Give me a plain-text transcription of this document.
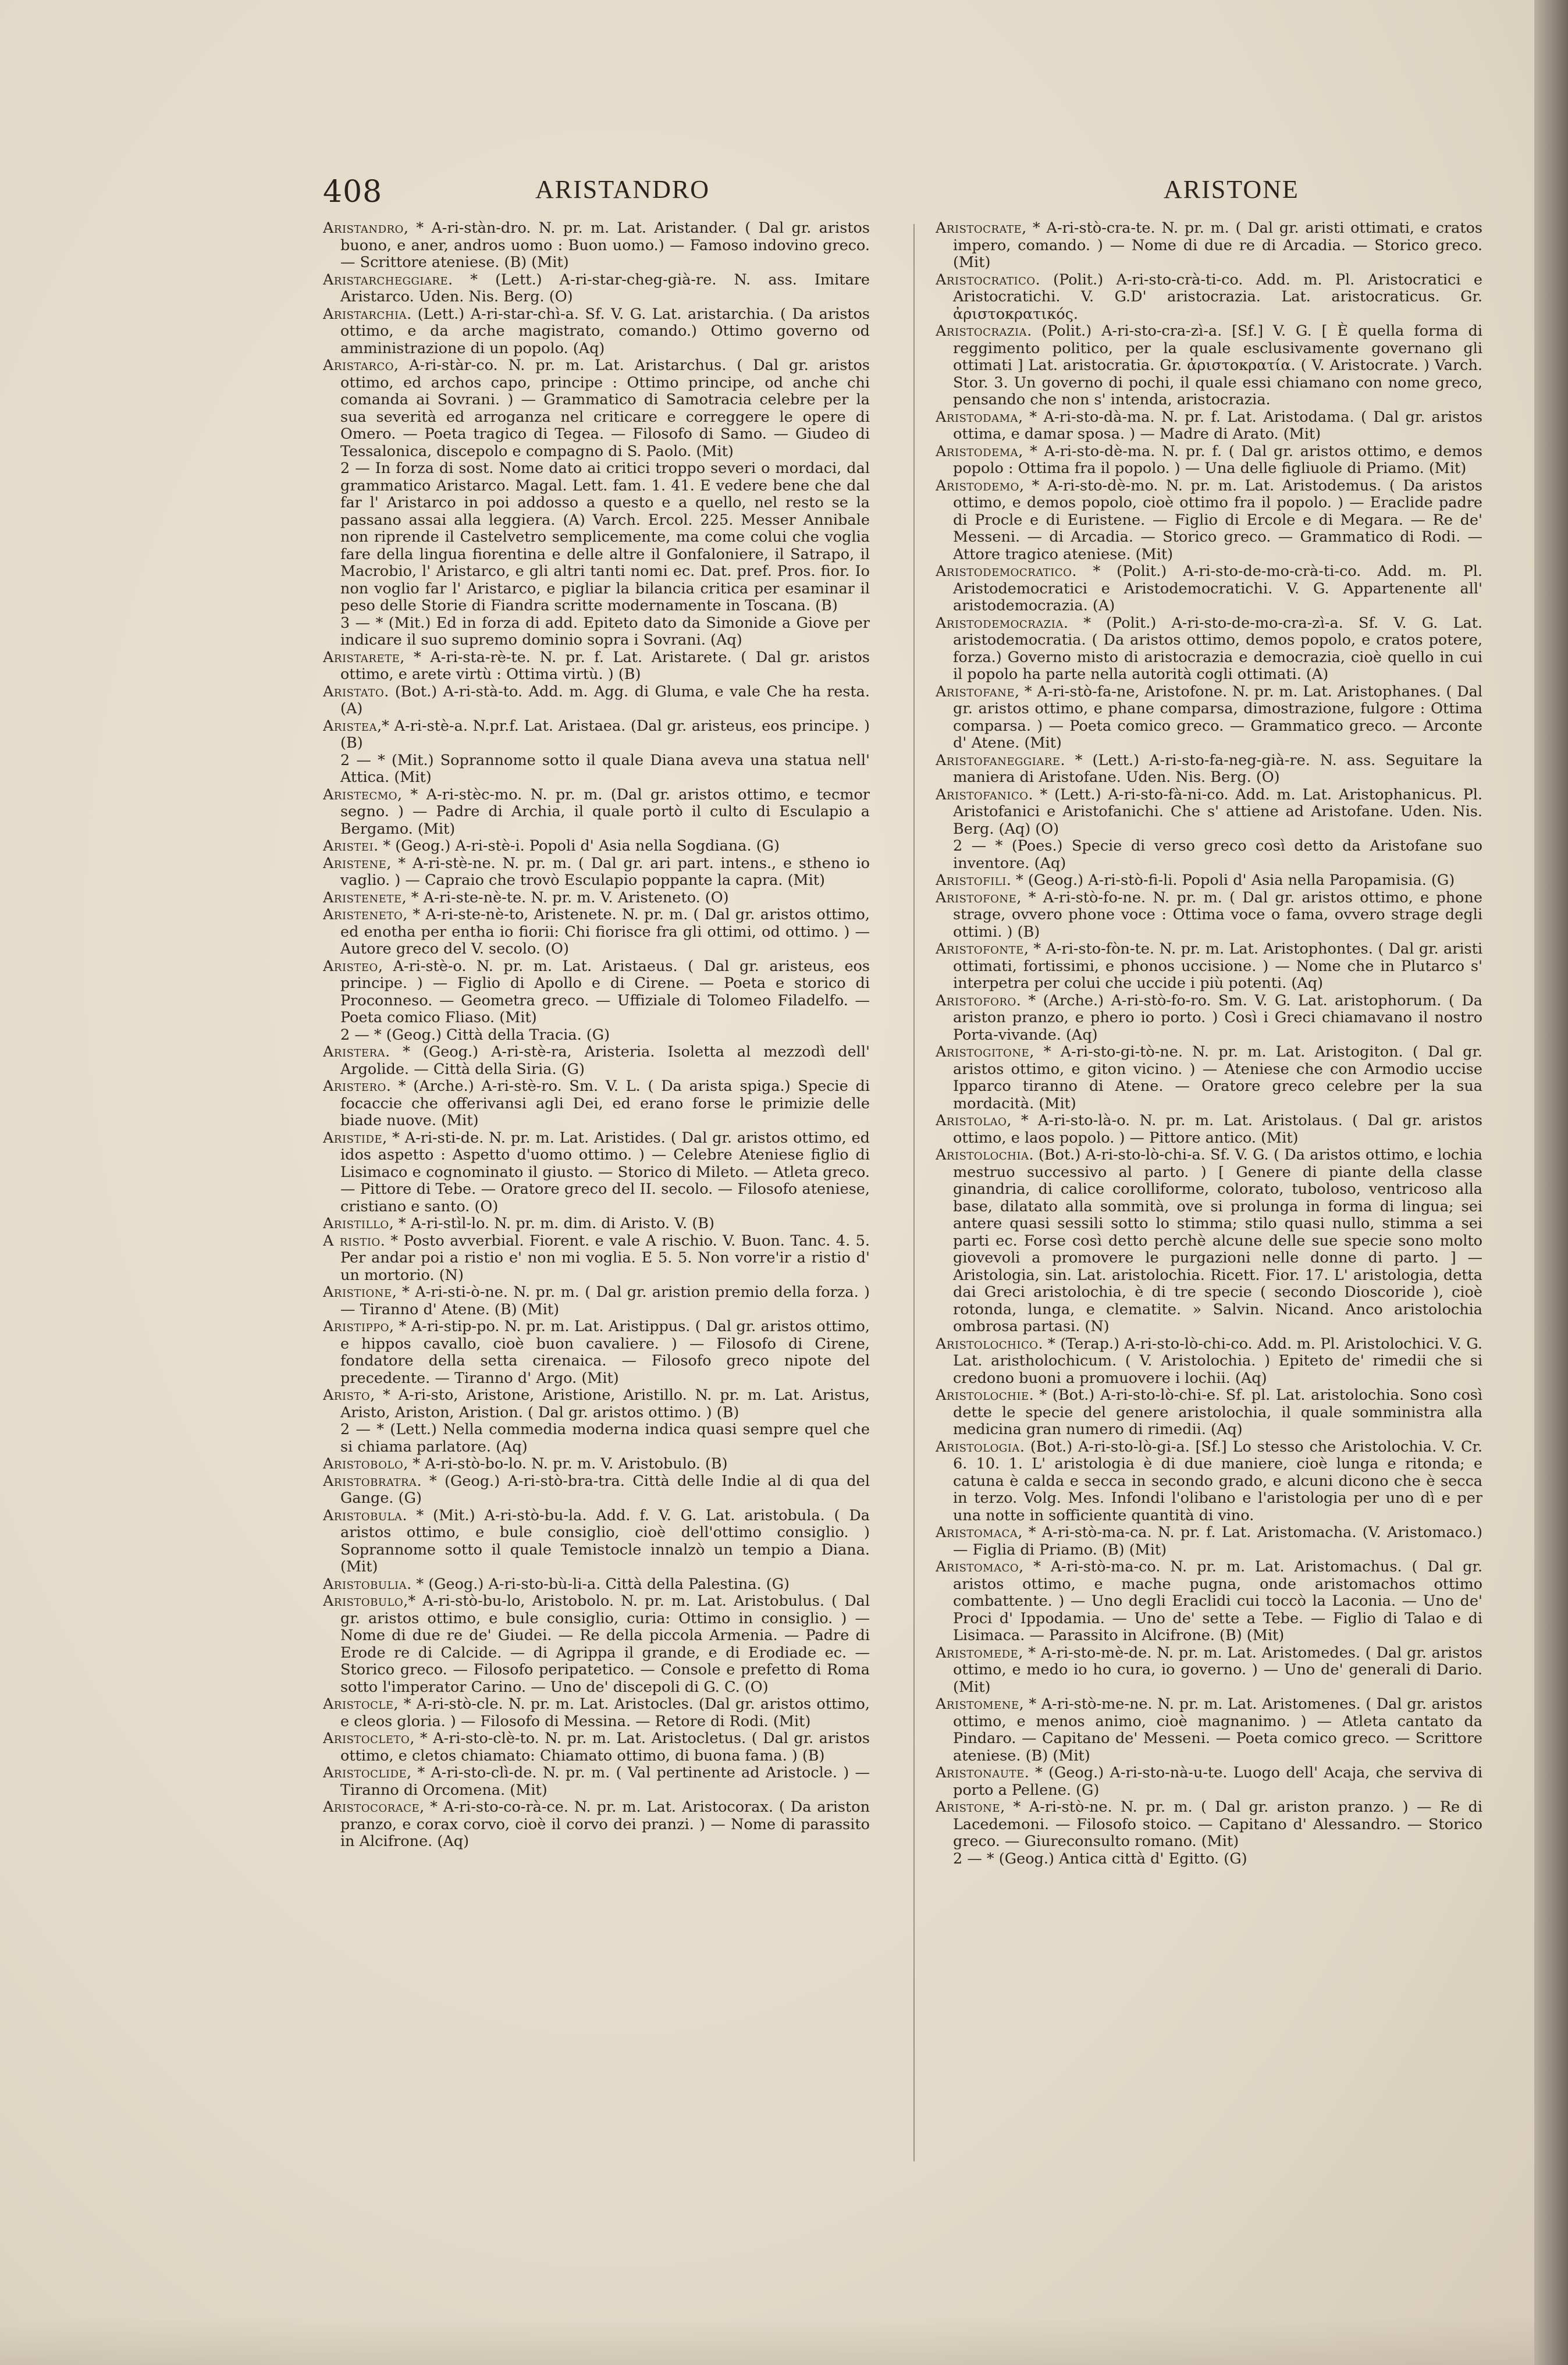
408	ARISTANDRO	ARISTONE

Aristandro, * A-ri-stàn-dro. N. pr. m. Lat. Aristander. ( Dal gr. aristos buono, e aner, andros uomo : Buon uomo.) — Famoso indovino greco. — Scrittore ateniese. (B) (Mit)

Aristarcheggiare. * (Lett.) A-ri-star-cheg-già-re. N. ass. Imitare Aristarco. Uden. Nis. Berg. (O)

Aristarchia. (Lett.) A-ri-star-chì-a. Sf. V. G. Lat. aristarchia. ( Da aristos ottimo, e da arche magistrato, comando.) Ottimo governo od amministrazione di un popolo. (Aq)

Aristarco, A-ri-stàr-co. N. pr. m. Lat. Aristarchus. ( Dal gr. aristos ottimo, ed archos capo, principe : Ottimo principe, od anche chi comanda ai Sovrani. ) — Grammatico di Samotracia celebre per la sua severità ed arroganza nel criticare e correggere le opere di Omero. — Poeta tragico di Tegea. — Filosofo di Samo. — Giudeo di Tessalonica, discepolo e compagno di S. Paolo. (Mit)

2 — In forza di sost. Nome dato ai critici troppo severi o mordaci, dal grammatico Aristarco. Magal. Lett. fam. 1. 41. E vedere bene che dal far l' Aristarco in poi addosso a questo e a quello, nel resto se la passano assai alla leggiera. (A) Varch. Ercol. 225. Messer Annibale non riprende il Castelvetro semplicemente, ma come colui che voglia fare della lingua fiorentina e delle altre il Gonfaloniere, il Satrapo, il Macrobio, l' Aristarco, e gli altri tanti nomi ec. Dat. pref. Pros. fior. Io non voglio far l' Aristarco, e pigliar la bilancia critica per esaminar il peso delle Storie di Fiandra scritte modernamente in Toscana. (B)

3 — * (Mit.) Ed in forza di add. Epiteto dato da Simonide a Giove per indicare il suo supremo dominio sopra i Sovrani. (Aq)

Aristarete, * A-ri-sta-rè-te. N. pr. f. Lat. Aristarete. ( Dal gr. aristos ottimo, e arete virtù : Ottima virtù. ) (B)

Aristato. (Bot.) A-ri-stà-to. Add. m. Agg. di Gluma, e vale Che ha resta. (A)

Aristea,* A-ri-stè-a. N.pr.f. Lat. Aristaea. (Dal gr. aristeus, eos principe. ) (B)

2 — * (Mit.) Soprannome sotto il quale Diana aveva una statua nell' Attica. (Mit)

Aristecmo, * A-ri-stèc-mo. N. pr. m. (Dal gr. aristos ottimo, e tecmor segno. ) — Padre di Archia, il quale portò il culto di Esculapio a Bergamo. (Mit)

Aristei. * (Geog.) A-ri-stè-i. Popoli d' Asia nella Sogdiana. (G)

Aristene, * A-ri-stè-ne. N. pr. m. ( Dal gr. ari part. intens., e stheno io vaglio. ) — Capraio che trovò Esculapio poppante la capra. (Mit)

Aristenete, * A-ri-ste-nè-te. N. pr. m. V. Aristeneto. (O)

Aristeneto, * A-ri-ste-nè-to, Aristenete. N. pr. m. ( Dal gr. aristos ottimo, ed enotha per entha io fiorii: Chi fiorisce fra gli ottimi, od ottimo. ) — Autore greco del V. secolo. (O)

Aristeo, A-ri-stè-o. N. pr. m. Lat. Aristaeus. ( Dal gr. aristeus, eos principe. ) — Figlio di Apollo e di Cirene. — Poeta e storico di Proconneso. — Geometra greco. — Uffiziale di Tolomeo Filadelfo. — Poeta comico Fliaso. (Mit)

2 — * (Geog.) Città della Tracia. (G)

Aristera. * (Geog.) A-ri-stè-ra, Aristeria. Isoletta al mezzodì dell' Argolide. — Città della Siria. (G)

Aristero. * (Arche.) A-ri-stè-ro. Sm. V. L. ( Da arista spiga.) Specie di focaccie che offerivansi agli Dei, ed erano forse le primizie delle biade nuove. (Mit)

Aristide, * A-ri-sti-de. N. pr. m. Lat. Aristides. ( Dal gr. aristos ottimo, ed idos aspetto : Aspetto d'uomo ottimo. ) — Celebre Ateniese figlio di Lisimaco e cognominato il giusto. — Storico di Mileto. — Atleta greco. — Pittore di Tebe. — Oratore greco del II. secolo. — Filosofo ateniese, cristiano e santo. (O)

Aristillo, * A-ri-stìl-lo. N. pr. m. dim. di Aristo. V. (B)

A ristio. * Posto avverbial. Fiorent. e vale A rischio. V. Buon. Tanc. 4. 5. Per andar poi a ristio e' non mi voglia. E 5. 5. Non vorre'ir a ristio d' un mortorio. (N)

Aristione, * A-ri-sti-ò-ne. N. pr. m. ( Dal gr. aristion premio della forza. ) — Tiranno d' Atene. (B) (Mit)

Aristippo, * A-ri-stip-po. N. pr. m. Lat. Aristippus. ( Dal gr. aristos ottimo, e hippos cavallo, cioè buon cavaliere. ) — Filosofo di Cirene, fondatore della setta cirenaica. — Filosofo greco nipote del precedente. — Tiranno d' Argo. (Mit)

Aristo, * A-ri-sto, Aristone, Aristione, Aristillo. N. pr. m. Lat. Aristus, Aristo, Ariston, Aristion. ( Dal gr. aristos ottimo. ) (B)

2 — * (Lett.) Nella commedia moderna indica quasi sempre quel che si chiama parlatore. (Aq)

Aristobolo, * A-ri-stò-bo-lo. N. pr. m. V. Aristobulo. (B)

Aristobratra. * (Geog.) A-ri-stò-bra-tra. Città delle Indie al di qua del Gange. (G)

Aristobula. * (Mit.) A-ri-stò-bu-la. Add. f. V. G. Lat. aristobula. ( Da aristos ottimo, e bule consiglio, cioè dell'ottimo consiglio. ) Soprannome sotto il quale Temistocle innalzò un tempio a Diana. (Mit)

Aristobulia. * (Geog.) A-ri-sto-bù-li-a. Città della Palestina. (G)

Aristobulo,* A-ri-stò-bu-lo, Aristobolo. N. pr. m. Lat. Aristobulus. ( Dal gr. aristos ottimo, e bule consiglio, curia: Ottimo in consiglio. ) — Nome di due re de' Giudei. — Re della piccola Armenia. — Padre di Erode re di Calcide. — di Agrippa il grande, e di Erodiade ec. — Storico greco. — Filosofo peripatetico. — Console e prefetto di Roma sotto l'imperator Carino. — Uno de' discepoli di G. C. (O)

Aristocle, * A-ri-stò-cle. N. pr. m. Lat. Aristocles. (Dal gr. aristos ottimo, e cleos gloria. ) — Filosofo di Messina. — Retore di Rodi. (Mit)

Aristocleto, * A-ri-sto-clè-to. N. pr. m. Lat. Aristocletus. ( Dal gr. aristos ottimo, e cletos chiamato: Chiamato ottimo, di buona fama. ) (B)

Aristoclide, * A-ri-sto-clì-de. N. pr. m. ( Val pertinente ad Aristocle. ) — Tiranno di Orcomena. (Mit)

Aristocorace, * A-ri-sto-co-rà-ce. N. pr. m. Lat. Aristocorax. ( Da ariston pranzo, e corax corvo, cioè il corvo dei pranzi. ) — Nome di parassito in Alcifrone. (Aq)

Aristocrate, * A-ri-stò-cra-te. N. pr. m. ( Dal gr. aristi ottimati, e cratos impero, comando. ) — Nome di due re di Arcadia. — Storico greco. (Mit)

Aristocratico. (Polit.) A-ri-sto-crà-ti-co. Add. m. Pl. Aristocratici e Aristocratichi. V. G.D' aristocrazia. Lat. aristocraticus. Gr. ἀριστοκρατικός.

Aristocrazia. (Polit.) A-ri-sto-cra-zì-a. [Sf.] V. G. [ È quella forma di reggimento politico, per la quale esclusivamente governano gli ottimati ] Lat. aristocratia. Gr. ἀριστοκρατία. ( V. Aristocrate. ) Varch. Stor. 3. Un governo di pochi, il quale essi chiamano con nome greco, pensando che non s' intenda, aristocrazia.

Aristodama, * A-ri-sto-dà-ma. N. pr. f. Lat. Aristodama. ( Dal gr. aristos ottima, e damar sposa. ) — Madre di Arato. (Mit)

Aristodema, * A-ri-sto-dè-ma. N. pr. f. ( Dal gr. aristos ottimo, e demos popolo : Ottima fra il popolo. ) — Una delle figliuole di Priamo. (Mit)

Aristodemo, * A-ri-sto-dè-mo. N. pr. m. Lat. Aristodemus. ( Da aristos ottimo, e demos popolo, cioè ottimo fra il popolo. ) — Eraclide padre di Procle e di Euristene. — Figlio di Ercole e di Megara. — Re de' Messeni. — di Arcadia. — Storico greco. — Grammatico di Rodi. — Attore tragico ateniese. (Mit)

Aristodemocratico. * (Polit.) A-ri-sto-de-mo-crà-ti-co. Add. m. Pl. Aristodemocratici e Aristodemocratichi. V. G. Appartenente all' aristodemocrazia. (A)

Aristodemocrazia. * (Polit.) A-ri-sto-de-mo-cra-zì-a. Sf. V. G. Lat. aristodemocratia. ( Da aristos ottimo, demos popolo, e cratos potere, forza.) Governo misto di aristocrazia e democrazia, cioè quello in cui il popolo ha parte nella autorità cogli ottimati. (A)

Aristofane, * A-ri-stò-fa-ne, Aristofone. N. pr. m. Lat. Aristophanes. ( Dal gr. aristos ottimo, e phane comparsa, dimostrazione, fulgore : Ottima comparsa. ) — Poeta comico greco. — Grammatico greco. — Arconte d' Atene. (Mit)

Aristofaneggiare. * (Lett.) A-ri-sto-fa-neg-già-re. N. ass. Seguitare la maniera di Aristofane. Uden. Nis. Berg. (O)

Aristofanico. * (Lett.) A-ri-sto-fà-ni-co. Add. m. Lat. Aristophanicus. Pl. Aristofanici e Aristofanichi. Che s' attiene ad Aristofane. Uden. Nis. Berg. (Aq) (O)

2 — * (Poes.) Specie di verso greco così detto da Aristofane suo inventore. (Aq)

Aristofili. * (Geog.) A-ri-stò-fi-li. Popoli d' Asia nella Paropamisia. (G)

Aristofone, * A-ri-stò-fo-ne. N. pr. m. ( Dal gr. aristos ottimo, e phone strage, ovvero phone voce : Ottima voce o fama, ovvero strage degli ottimi. ) (B)

Aristofonte, * A-ri-sto-fòn-te. N. pr. m. Lat. Aristophontes. ( Dal gr. aristi ottimati, fortissimi, e phonos uccisione. ) — Nome che in Plutarco s' interpetra per colui che uccide i più potenti. (Aq)

Aristoforo. * (Arche.) A-ri-stò-fo-ro. Sm. V. G. Lat. aristophorum. ( Da ariston pranzo, e phero io porto. ) Così i Greci chiamavano il nostro Porta-vivande. (Aq)

Aristogitone, * A-ri-sto-gi-tò-ne. N. pr. m. Lat. Aristogiton. ( Dal gr. aristos ottimo, e giton vicino. ) — Ateniese che con Armodio uccise Ipparco tiranno di Atene. — Oratore greco celebre per la sua mordacità. (Mit)

Aristolao, * A-ri-sto-là-o. N. pr. m. Lat. Aristolaus. ( Dal gr. aristos ottimo, e laos popolo. ) — Pittore antico. (Mit)

Aristolochia. (Bot.) A-ri-sto-lò-chi-a. Sf. V. G. ( Da aristos ottimo, e lochia mestruo successivo al parto. ) [ Genere di piante della classe ginandria, di calice corolliforme, colorato, tuboloso, ventricoso alla base, dilatato alla sommità, ove si prolunga in forma di lingua; sei antere quasi sessili sotto lo stimma; stilo quasi nullo, stimma a sei parti ec. Forse così detto perchè alcune delle sue specie sono molto giovevoli a promovere le purgazioni nelle donne di parto. ] — Aristologia, sin. Lat. aristolochia. Ricett. Fior. 17. L' aristologia, detta dai Greci aristolochia, è di tre specie ( secondo Dioscoride ), cioè rotonda, lunga, e clematite. » Salvin. Nicand. Anco aristolochia ombrosa partasi. (N)

Aristolochico. * (Terap.) A-ri-sto-lò-chi-co. Add. m. Pl. Aristolochici. V. G. Lat. aristholochicum. ( V. Aristolochia. ) Epiteto de' rimedii che si credono buoni a promuovere i lochii. (Aq)

Aristolochie. * (Bot.) A-ri-sto-lò-chi-e. Sf. pl. Lat. aristolochia. Sono così dette le specie del genere aristolochia, il quale somministra alla medicina gran numero di rimedii. (Aq)

Aristologia. (Bot.) A-ri-sto-lò-gi-a. [Sf.] Lo stesso che Aristolochia. V. Cr. 6. 10. 1. L' aristologia è di due maniere, cioè lunga e ritonda; e catuna è calda e secca in secondo grado, e alcuni dicono che è secca in terzo. Volg. Mes. Infondi l'olibano e l'aristologia per uno dì e per una notte in sofficiente quantità di vino.

Aristomaca, * A-ri-stò-ma-ca. N. pr. f. Lat. Aristomacha. (V. Aristomaco.) — Figlia di Priamo. (B) (Mit)

Aristomaco, * A-ri-stò-ma-co. N. pr. m. Lat. Aristomachus. ( Dal gr. aristos ottimo, e mache pugna, onde aristomachos ottimo combattente. ) — Uno degli Eraclidi cui toccò la Laconia. — Uno de' Proci d' Ippodamia. — Uno de' sette a Tebe. — Figlio di Talao e di Lisimaca. — Parassito in Alcifrone. (B) (Mit)

Aristomede, * A-ri-sto-mè-de. N. pr. m. Lat. Aristomedes. ( Dal gr. aristos ottimo, e medo io ho cura, io governo. ) — Uno de' generali di Dario. (Mit)

Aristomene, * A-ri-stò-me-ne. N. pr. m. Lat. Aristomenes. ( Dal gr. aristos ottimo, e menos animo, cioè magnanimo. ) — Atleta cantato da Pindaro. — Capitano de' Messeni. — Poeta comico greco. — Scrittore ateniese. (B) (Mit)

Aristonaute. * (Geog.) A-ri-sto-nà-u-te. Luogo dell' Acaja, che serviva di porto a Pellene. (G)

Aristone, * A-ri-stò-ne. N. pr. m. ( Dal gr. ariston pranzo. ) — Re di Lacedemoni. — Filosofo stoico. — Capitano d' Alessandro. — Storico greco. — Giureconsulto romano. (Mit)

2 — * (Geog.) Antica città d' Egitto. (G)
